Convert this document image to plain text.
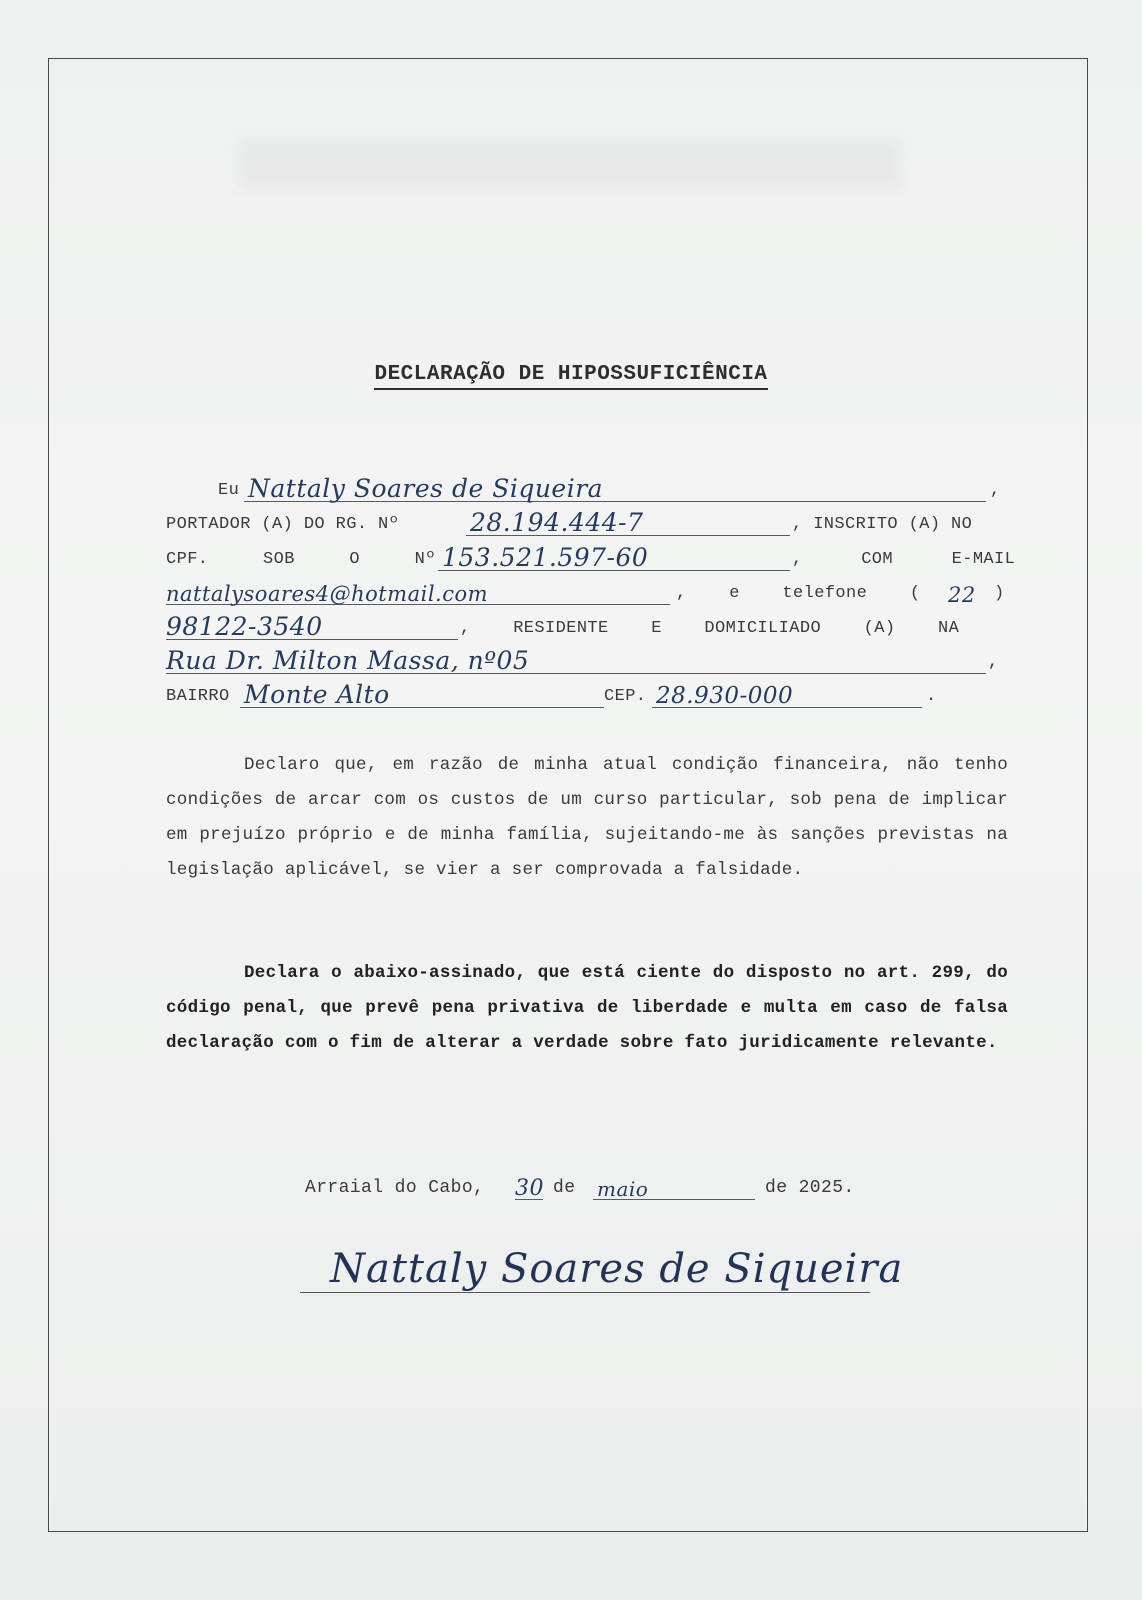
DECLARAÇÃO DE HIPOSSUFICIÊNCIA
Eu Nattaly Soares de Siqueira	,
PORTADOR (A) DO RG. Nº	28.194.444-7	, INSCRITO (A) NO
CPF. SOB O Nº 153.521.597-60	, COM E-MAIL
nattalysoares4@hotmail.com	, e telefone ( 22 )
98122-3540	, RESIDENTE E DOMICILIADO (A) NA
Rua Dr. Milton Massa, nº05	,
BAIRRO Monte Alto	CEP. 28.930-000	.
Declaro que, em razão de minha atual condição financeira, não tenho condições de arcar com os custos de um curso particular, sob pena de implicar em prejuízo próprio e de minha família, sujeitando-me às sanções previstas na legislação aplicável, se vier a ser comprovada a falsidade.
Declara o abaixo-assinado, que está ciente do disposto no art. 299, do código penal, que prevê pena privativa de liberdade e multa em caso de falsa declaração com o fim de alterar a verdade sobre fato juridicamente relevante.
Arraial do Cabo, 30 de maio	de 2025.
Nattaly Soares de Siqueira
